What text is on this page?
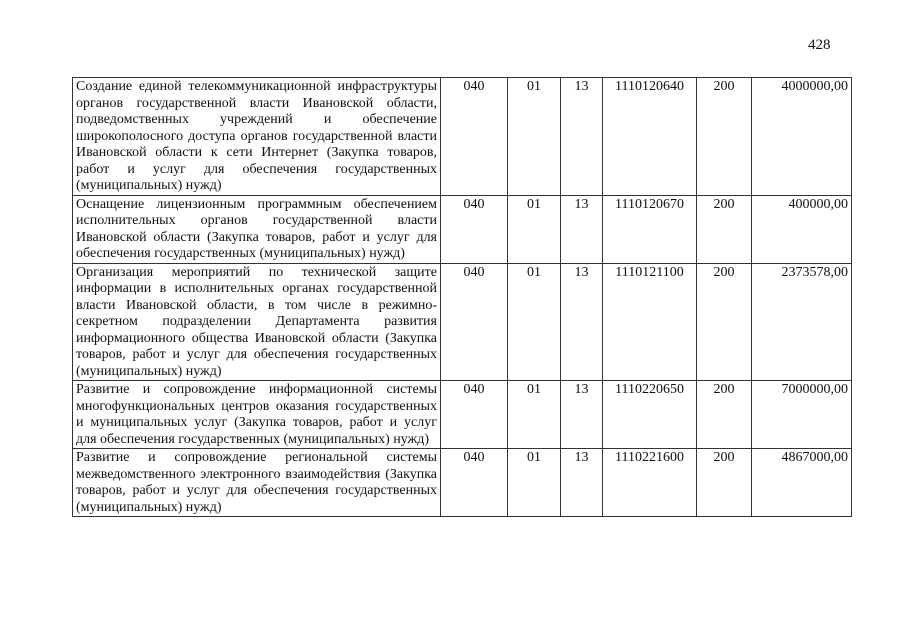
428
Создание единой телекоммуникационной инфраструктуры органов государственной власти Ивановской области, подведомственных учреждений и обеспечение широкополосного доступа органов государственной власти Ивановской области к сети Интернет (Закупка товаров, работ и услуг для обеспечения государственных (муниципальных) нужд)	040	01	13	1110120640	200	4000000,00
Оснащение лицензионным программным обеспечением исполнительных органов государственной власти Ивановской области (Закупка товаров, работ и услуг для обеспечения государственных (муниципальных) нужд)	040	01	13	1110120670	200	400000,00
Организация мероприятий по технической защите информации в исполнительных органах государственной власти Ивановской области, в том числе в режимно-секретном подразделении Департамента развития информационного общества Ивановской области (Закупка товаров, работ и услуг для обеспечения государственных (муниципальных) нужд)	040	01	13	1110121100	200	2373578,00
Развитие и сопровождение информационной системы многофункциональных центров оказания государственных и муниципальных услуг (Закупка товаров, работ и услуг для обеспечения государственных (муниципальных) нужд)	040	01	13	1110220650	200	7000000,00
Развитие и сопровождение региональной системы межведомственного электронного взаимодействия (Закупка товаров, работ и услуг для обеспечения государственных (муниципальных) нужд)	040	01	13	1110221600	200	4867000,00
